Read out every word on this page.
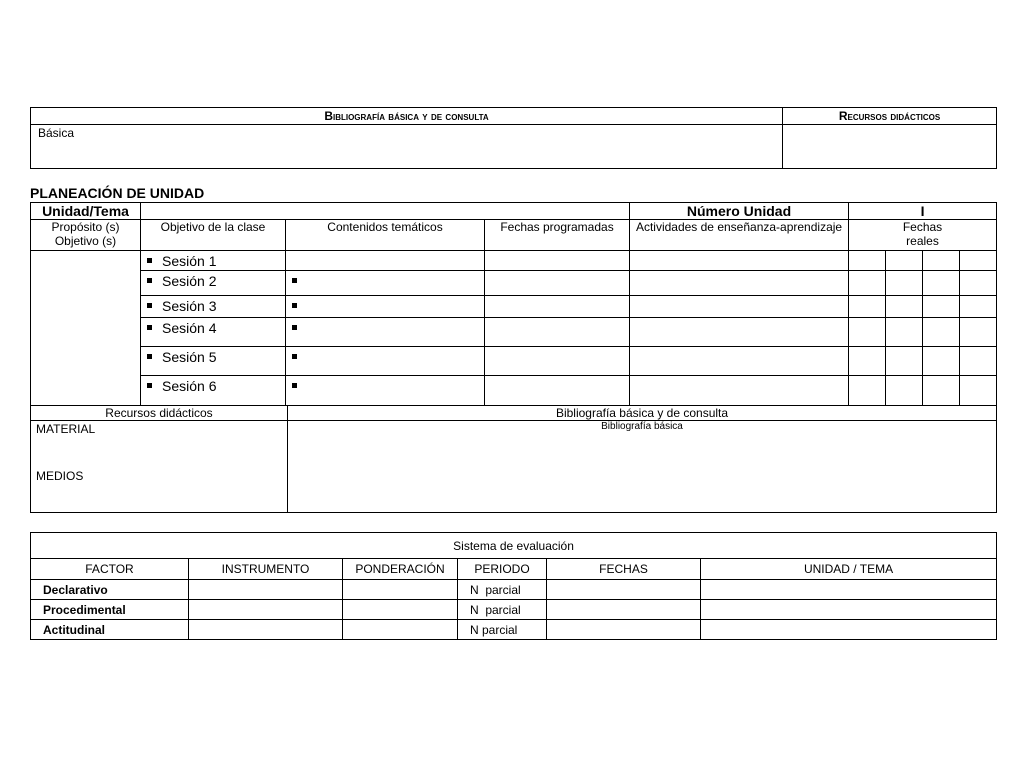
Bibliografía básica y de consulta	Recursos didácticos
Básica	
PLANEACIÓN DE UNIDAD
Unidad/Tema				Número Unidad	I			
Propósito (s) Objetivo (s)	Objetivo de la clase	Contenidos temáticos	Fechas programadas	Actividades de enseñanza-aprendizaje	Fechas reales			

	Sesión 1							
	Sesión 2							
	Sesión 3							
	Sesión 4							
	Sesión 5							
	Sesión 6							
Recursos didácticos	Bibliografía básica y de consulta

MATERIAL
MEDIOS	Bibliografía básica
Sistema de evaluación					
FACTOR	INSTRUMENTO	PONDERACIÓN	PERIODO	FECHAS	UNIDAD / TEMA
Declarativo			N  parcial		
Procedimental			N  parcial		
Actitudinal			N parcial		
